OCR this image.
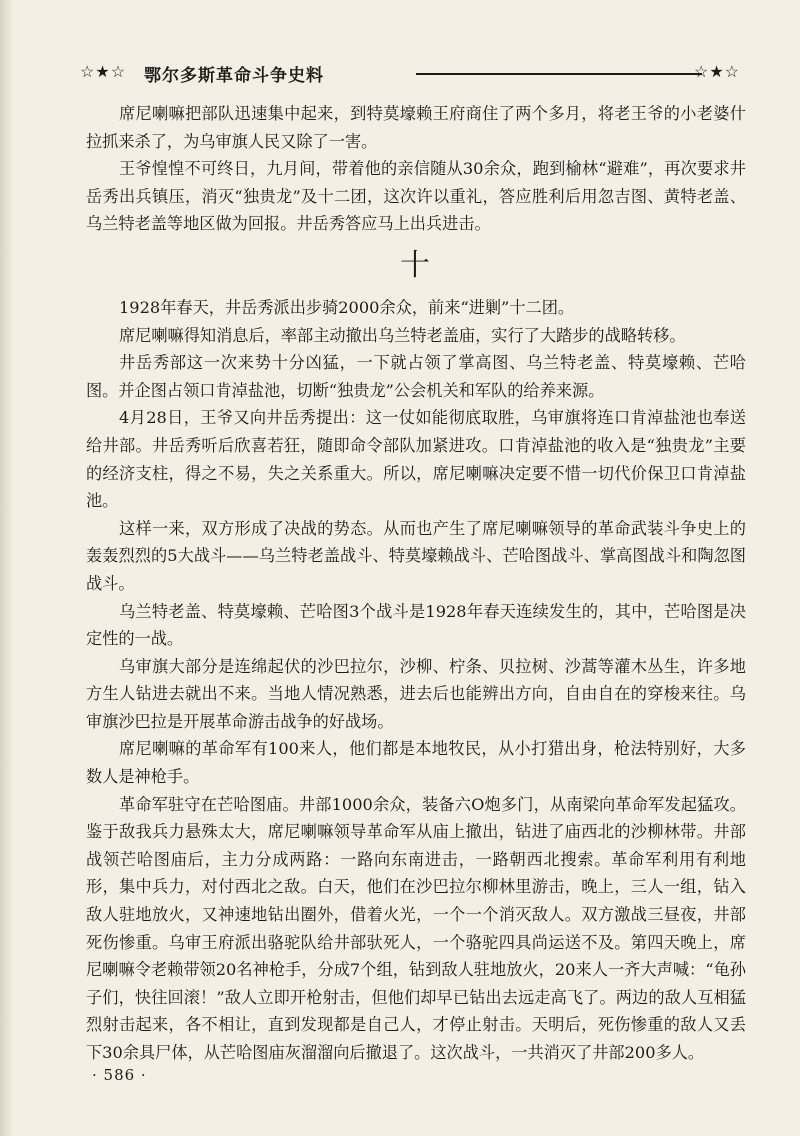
☆★☆ 鄂尔多斯革命斗争史料	☆★☆

席尼喇嘛把部队迅速集中起来，到特莫壕赖王府商住了两个多月，将老王爷的小老婆什拉抓来杀了，为乌审旗人民又除了一害。

王爷惶惶不可终日，九月间，带着他的亲信随从30余众，跑到榆林“避难”，再次要求井岳秀出兵镇压，消灭“独贵龙”及十二团，这次许以重礼，答应胜利后用忽吉图、黄特老盖、乌兰特老盖等地区做为回报。井岳秀答应马上出兵进击。

十

1928年春天，井岳秀派出步骑2000余众，前来“进剿”十二团。

席尼喇嘛得知消息后，率部主动撤出乌兰特老盖庙，实行了大踏步的战略转移。

井岳秀部这一次来势十分凶猛，一下就占领了掌高图、乌兰特老盖、特莫壕赖、芒哈图。并企图占领口肯淖盐池，切断“独贵龙”公会机关和军队的给养来源。

4月28日，王爷又向井岳秀提出：这一仗如能彻底取胜，乌审旗将连口肯淖盐池也奉送给井部。井岳秀听后欣喜若狂，随即命令部队加紧进攻。口肯淖盐池的收入是“独贵龙”主要的经济支柱，得之不易，失之关系重大。所以，席尼喇嘛决定要不惜一切代价保卫口肯淖盐池。

这样一来，双方形成了决战的势态。从而也产生了席尼喇嘛领导的革命武装斗争史上的轰轰烈烈的5大战斗——乌兰特老盖战斗、特莫壕赖战斗、芒哈图战斗、掌高图战斗和陶忽图战斗。

乌兰特老盖、特莫壕赖、芒哈图3个战斗是1928年春天连续发生的，其中，芒哈图是决定性的一战。

乌审旗大部分是连绵起伏的沙巴拉尔，沙柳、柠条、贝拉树、沙蒿等灌木丛生，许多地方生人钻进去就出不来。当地人情况熟悉，进去后也能辨出方向，自由自在的穿梭来往。乌审旗沙巴拉是开展革命游击战争的好战场。

席尼喇嘛的革命军有100来人，他们都是本地牧民，从小打猎出身，枪法特别好，大多数人是神枪手。

革命军驻守在芒哈图庙。井部1000余众，装备六O炮多门，从南梁向革命军发起猛攻。鉴于敌我兵力悬殊太大，席尼喇嘛领导革命军从庙上撤出，钻进了庙西北的沙柳林带。井部战领芒哈图庙后，主力分成两路：一路向东南进击，一路朝西北搜索。革命军利用有利地形，集中兵力，对付西北之敌。白天，他们在沙巴拉尔柳林里游击，晚上，三人一组，钻入敌人驻地放火，又神速地钻出圈外，借着火光，一个一个消灭敌人。双方激战三昼夜，井部死伤惨重。乌审王府派出骆驼队给井部驮死人，一个骆驼四具尚运送不及。第四天晚上，席尼喇嘛令老赖带领20名神枪手，分成7个组，钻到敌人驻地放火，20来人一齐大声喊：“龟孙子们，快往回滚！”敌人立即开枪射击，但他们却早已钻出去远走高飞了。两边的敌人互相猛烈射击起来，各不相让，直到发现都是自己人，才停止射击。天明后，死伤惨重的敌人又丢下30余具尸体，从芒哈图庙灰溜溜向后撤退了。这次战斗，一共消灭了井部200多人。

· 586 ·
